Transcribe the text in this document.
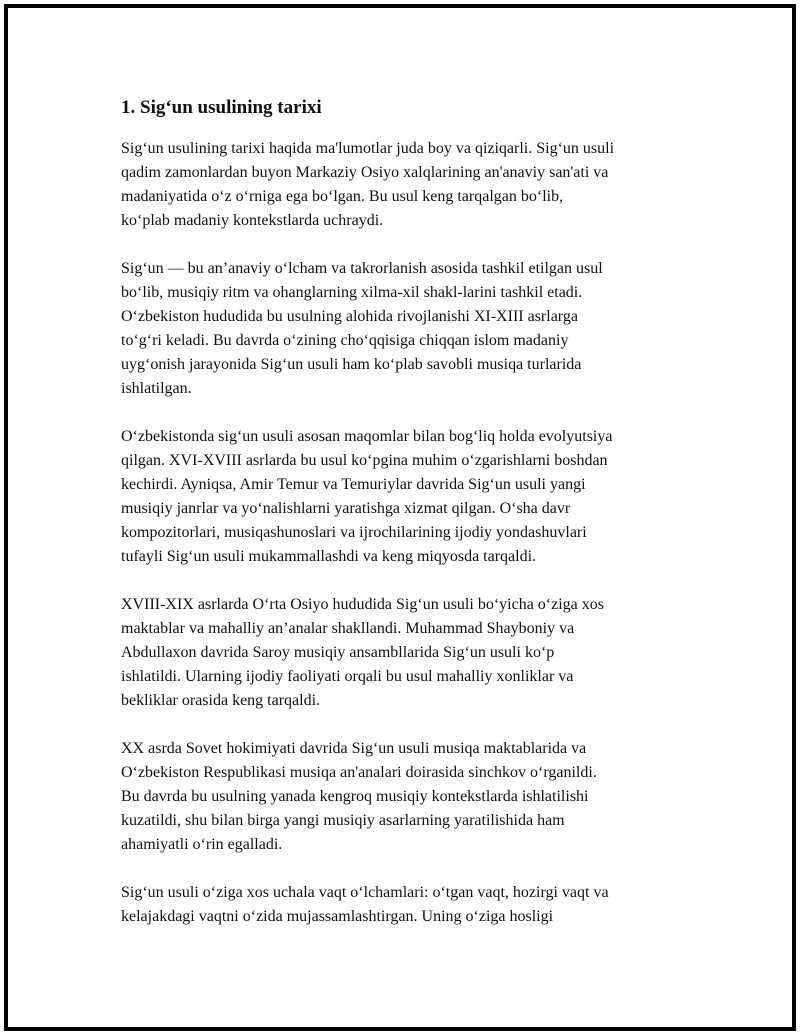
1. Sig‘un usulining tarixi

Sig‘un usulining tarixi haqida ma'lumotlar juda boy va qiziqarli. Sig‘un usuli
qadim zamonlardan buyon Markaziy Osiyo xalqlarining an'anaviy san'ati va
madaniyatida o‘z o‘rniga ega bo‘lgan. Bu usul keng tarqalgan bo‘lib,
ko‘plab madaniy kontekstlarda uchraydi.

Sig‘un — bu an’anaviy o‘lcham va takrorlanish asosida tashkil etilgan usul
bo‘lib, musiqiy ritm va ohanglarning xilma-xil shakl-larini tashkil etadi.
O‘zbekiston hududida bu usulning alohida rivojlanishi XI-XIII asrlarga
to‘g‘ri keladi. Bu davrda o‘zining cho‘qqisiga chiqqan islom madaniy
uyg‘onish jarayonida Sig‘un usuli ham ko‘plab savobli musiqa turlarida
ishlatilgan.

O‘zbekistonda sig‘un usuli asosan maqomlar bilan bog‘liq holda evolyutsiya
qilgan. XVI-XVIII asrlarda bu usul ko‘pgina muhim o‘zgarishlarni boshdan
kechirdi. Ayniqsa, Amir Temur va Temuriylar davrida Sig‘un usuli yangi
musiqiy janrlar va yo‘nalishlarni yaratishga xizmat qilgan. O‘sha davr
kompozitorlari, musiqashunoslari va ijrochilarining ijodiy yondashuvlari
tufayli Sig‘un usuli mukammallashdi va keng miqyosda tarqaldi.

XVIII-XIX asrlarda O‘rta Osiyo hududida Sig‘un usuli bo‘yicha o‘ziga xos
maktablar va mahalliy an’analar shakllandi. Muhammad Shayboniy va
Abdullaxon davrida Saroy musiqiy ansambllarida Sig‘un usuli ko‘p
ishlatildi. Ularning ijodiy faoliyati orqali bu usul mahalliy xonliklar va
bekliklar orasida keng tarqaldi.

XX asrda Sovet hokimiyati davrida Sig‘un usuli musiqa maktablarida va
O‘zbekiston Respublikasi musiqa an'analari doirasida sinchkov o‘rganildi.
Bu davrda bu usulning yanada kengroq musiqiy kontekstlarda ishlatilishi
kuzatildi, shu bilan birga yangi musiqiy asarlarning yaratilishida ham
ahamiyatli o‘rin egalladi.

Sig‘un usuli o‘ziga xos uchala vaqt o‘lchamlari: o‘tgan vaqt, hozirgi vaqt va
kelajakdagi vaqtni o‘zida mujassamlashtirgan. Uning o‘ziga hosligi
